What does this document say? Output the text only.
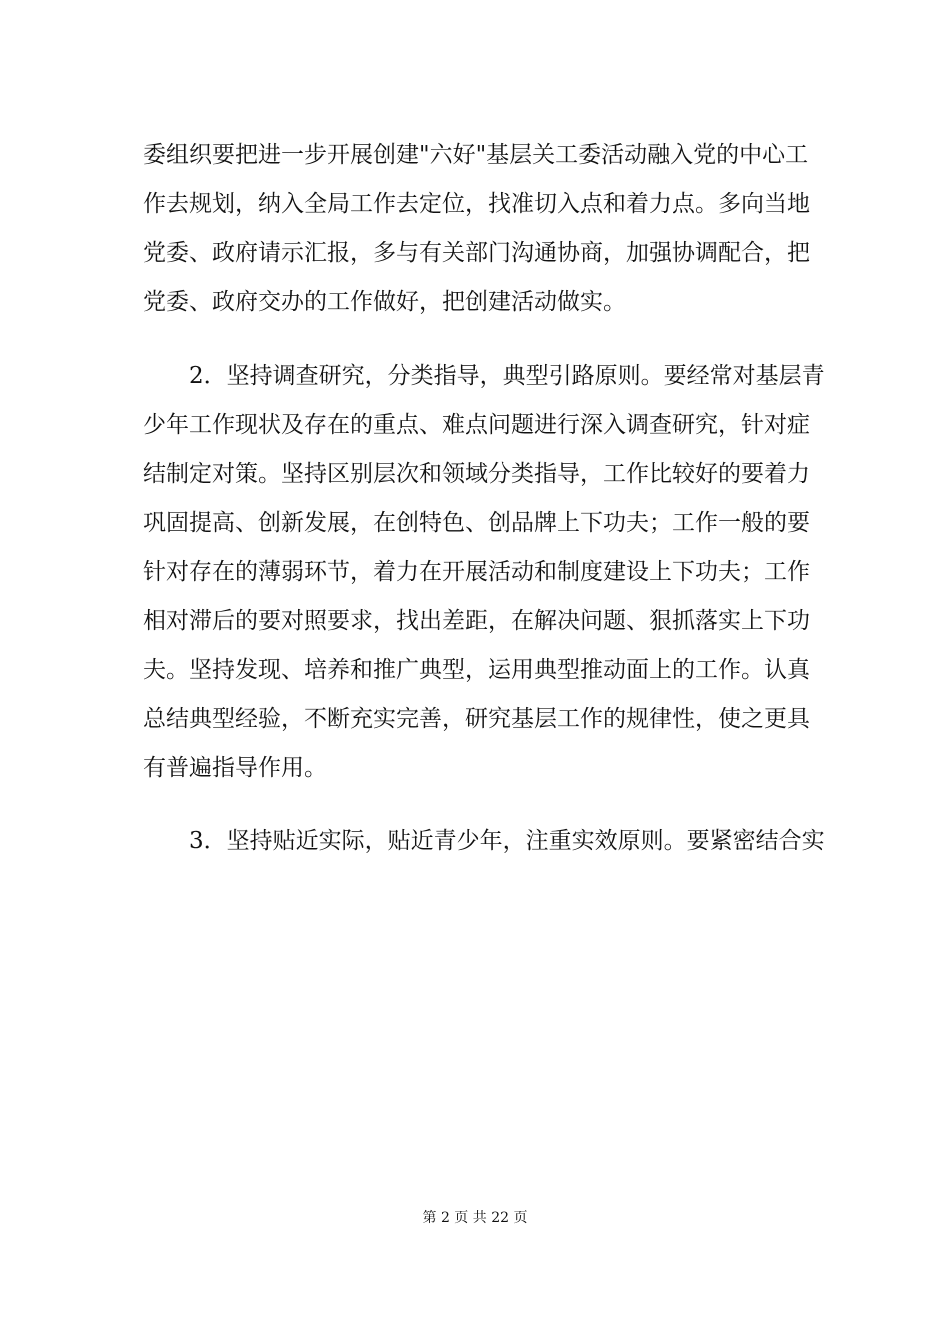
委组织要把进一步开展创建"六好"基层关工委活动融入党的中心工

作去规划，纳入全局工作去定位，找准切入点和着力点。多向当地

党委、政府请示汇报，多与有关部门沟通协商，加强协调配合，把

党委、政府交办的工作做好，把创建活动做实。

2．坚持调查研究，分类指导，典型引路原则。要经常对基层青

少年工作现状及存在的重点、难点问题进行深入调查研究，针对症

结制定对策。坚持区别层次和领域分类指导，工作比较好的要着力

巩固提高、创新发展，在创特色、创品牌上下功夫；工作一般的要

针对存在的薄弱环节，着力在开展活动和制度建设上下功夫；工作

相对滞后的要对照要求，找出差距，在解决问题、狠抓落实上下功

夫。坚持发现、培养和推广典型，运用典型推动面上的工作。认真

总结典型经验，不断充实完善，研究基层工作的规律性，使之更具

有普遍指导作用。

3．坚持贴近实际，贴近青少年，注重实效原则。要紧密结合实

第 2 页 共 22 页
